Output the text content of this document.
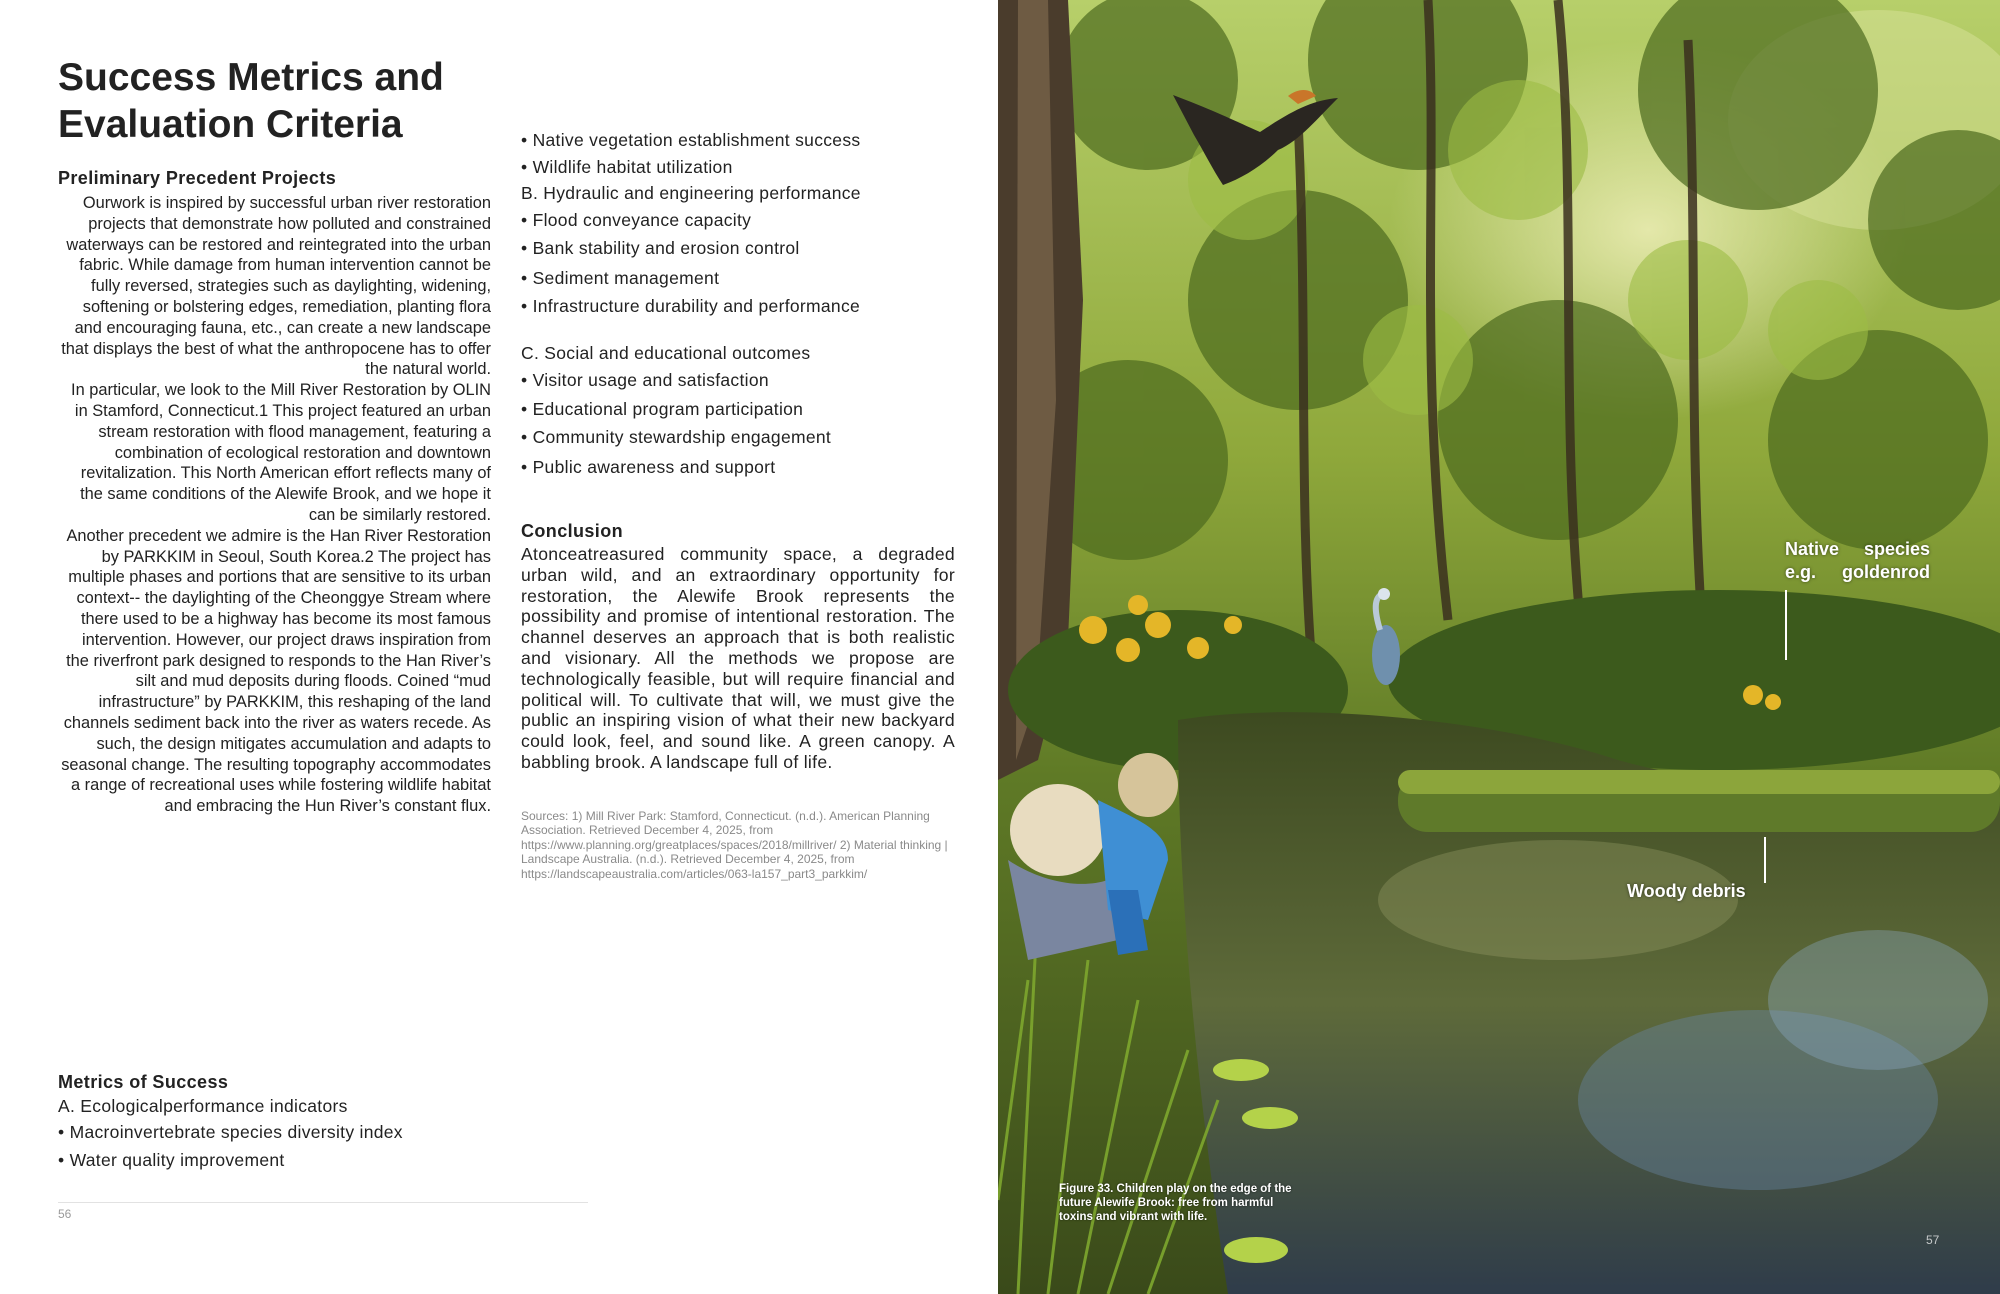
Success Metrics and Evaluation Criteria
Preliminary Precedent Projects

Ourwork is inspired by successful urban river restoration projects that demonstrate how polluted and constrained waterways can be restored and reintegrated into the urban fabric. While damage from human intervention cannot be fully reversed, strategies such as daylighting, widening, softening or bolstering edges, remediation, planting flora and encouraging fauna, etc., can create a new landscape that displays the best of what the anthropocene has to offer the natural world.

In particular, we look to the Mill River Restoration by OLIN in Stamford, Connecticut.1 This project featured an urban stream restoration with flood management, featuring a combination of ecological restoration and downtown revitalization. This North American effort reflects many of the same conditions of the Alewife Brook, and we hope it can be similarly restored.

Another precedent we admire is the Han River Restoration by PARKKIM in Seoul, South Korea.2 The project has multiple phases and portions that are sensitive to its urban context-- the daylighting of the Cheonggye Stream where there used to be a highway has become its most famous intervention. However, our project draws inspiration from the riverfront park designed to responds to the Han River’s silt and mud deposits during floods. Coined “mud infrastructure” by PARKKIM, this reshaping of the land channels sediment back into the river as waters recede. As such, the design mitigates accumulation and adapts to seasonal change. The resulting topography accommodates a range of recreational uses while fostering wildlife habitat and embracing the Hun River’s constant flux.

• Native vegetation establishment success
• Wildlife habitat utilization
B. Hydraulic and engineering performance
• Flood conveyance capacity
• Bank stability and erosion control
• Sediment management
• Infrastructure durability and performance
C. Social and educational outcomes
• Visitor usage and satisfaction
• Educational program participation
• Community stewardship engagement
• Public awareness and support
Conclusion

Atonceatreasured community space, a degraded urban wild, and an extraordinary opportunity for restoration, the Alewife Brook represents the possibility and promise of intentional restoration. The channel deserves an approach that is both realistic and visionary. All the methods we propose are technologically feasible, but will require financial and political will. To cultivate that will, we must give the public an inspiring vision of what their new backyard could look, feel, and sound like. A green canopy. A babbling brook. A landscape full of life.

Sources: 1) Mill River Park: Stamford, Connecticut. (n.d.). American Planning Association. Retrieved December 4, 2025, from https://www.planning.org/greatplaces/spaces/2018/millriver/ 2) Material thinking | Landscape Australia. (n.d.). Retrieved December 4, 2025, from https://landscapeaustralia.com/articles/063-la157_part3_parkkim/
Metrics of Success
A. Ecologicalperformance indicators
• Macroinvertebrate species diversity index
• Water quality improvement
56
Native species
e.g. goldenrod
Woody debris
Figure 33. Children play on the edge of the future Alewife Brook: free from harmful toxins and vibrant with life.
57
